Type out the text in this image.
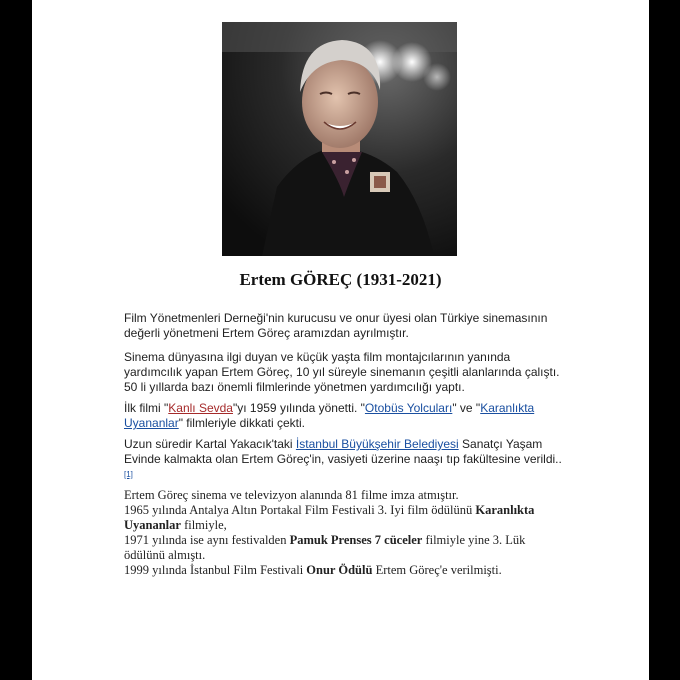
Ertem GÖREÇ (1931-2021)

Film Yönetmenleri Derneği'nin kurucusu ve onur üyesi olan Türkiye sinemasının değerli yönetmeni Ertem Göreç aramızdan ayrılmıştır.

Sinema dünyasına ilgi duyan ve küçük yaşta film montajcılarının yanında yardımcılık yapan Ertem Göreç, 10 yıl süreyle sinemanın çeşitli alanlarında çalıştı. 50 li yıllarda bazı önemli filmlerinde yönetmen yardımcılığı yaptı.

İlk filmi "Kanlı Sevda"yı 1959 yılında yönetti. "Otobüs Yolcuları" ve "Karanlıkta Uyananlar" filmleriyle dikkati çekti.

Uzun süredir Kartal Yakacık'taki İstanbul Büyükşehir Belediyesi Sanatçı Yaşam Evinde kalmakta olan Ertem Göreç'in, vasiyeti üzerine naaşı tıp fakültesine verildi..[1]

Ertem Göreç sinema ve televizyon alanında 81 filme imza atmıştır.
1965 yılında Antalya Altın Portakal Film Festivali 3. Iyi film ödülünü Karanlıkta Uyananlar filmiyle,
1971 yılında ise aynı festivalden Pamuk Prenses 7 cüceler filmiyle yine 3. Lük ödülünü almıştı.
1999 yılında İstanbul Film Festivali Onur Ödülü Ertem Göreç'e verilmişti.
